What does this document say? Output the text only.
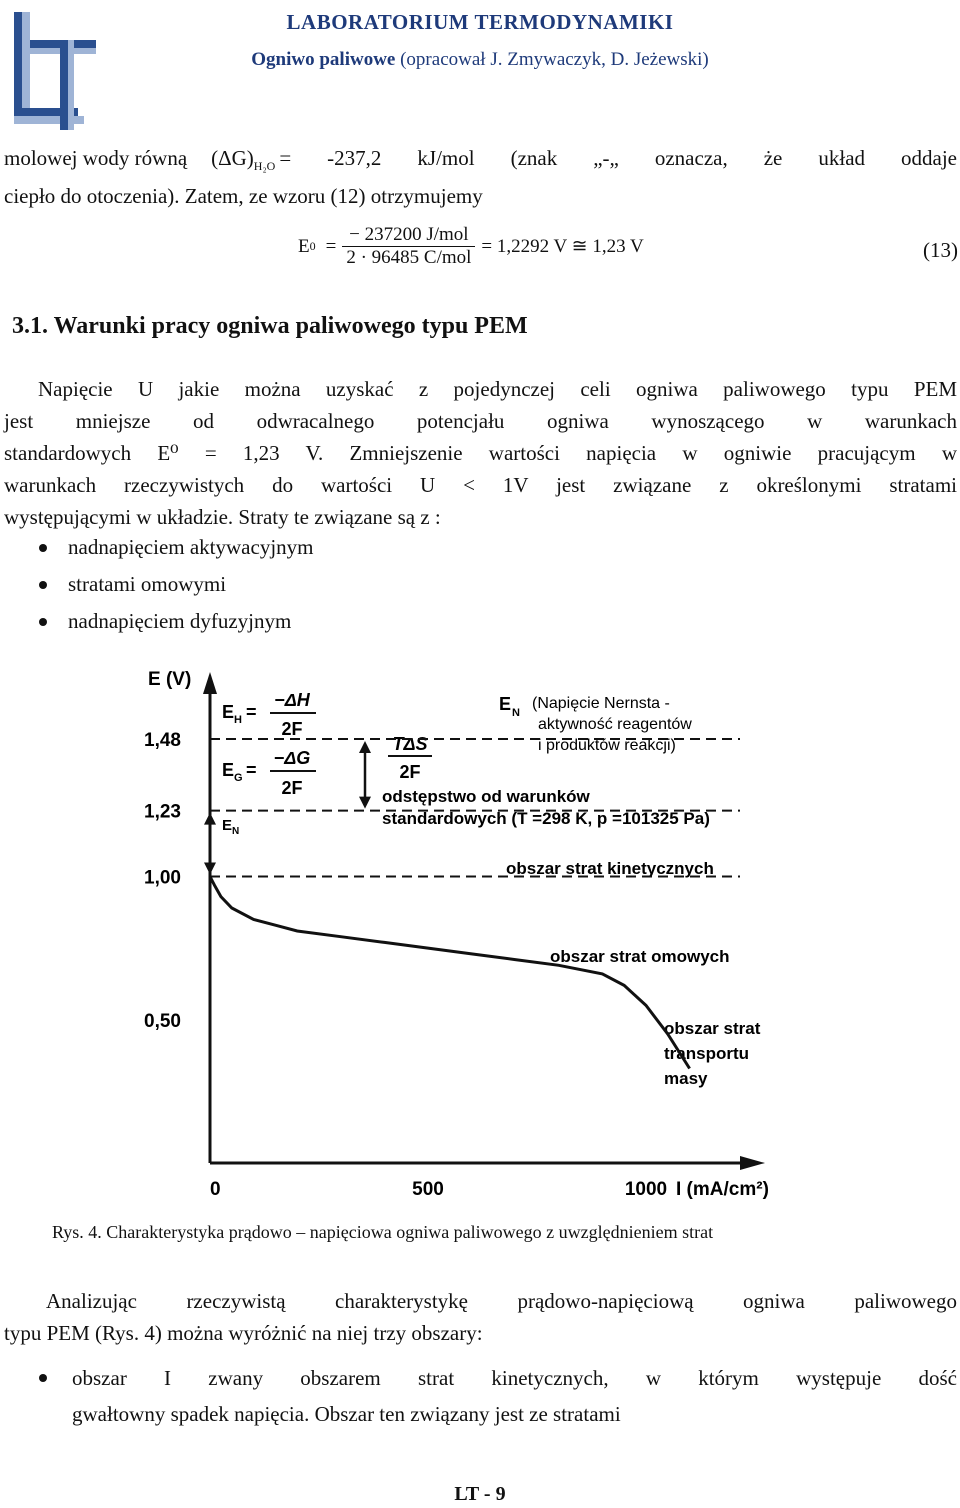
LABORATORIUM TERMODYNAMIKI
Ogniwo paliwowe (opracował J. Zmywaczyk, D. Jeżewski)
molowej wody równą $(\Delta G)_{H_2O} = -237,2$ kJ/mol (znak „-„ oznacza, że układ oddaje
ciepło do otoczenia). Zatem, ze wzoru (12) otrzymujemy
E $0 = \frac{\text{− 237200 J/mol}}{\text{2 · 96485 C/mol}} = 1,2292$ V ≅ 1,23 V	(13)
3.1. Warunki pracy ogniwa paliwowego typu PEM
Napięcie U jakie można uzyskać z pojedynczej celi ogniwa paliwowego typu PEM
jest mniejsze od odwracalnego potencjału ogniwa wynoszącego w warunkach
standardowych E⁰ = 1,23 V. Zmniejszenie wartości napięcia w ogniwie pracującym w
warunkach rzeczywistych do wartości U < 1V jest związane z określonymi stratami
występującymi w układzie. Straty te związane są z :
nadnapięciem aktywacyjnym
stratami omowymi
nadnapięciem dyfuzyjnym
E (V)
I (mA/cm²)
1,48
1,23
1,00
0,50
0	500	1000
E H =
−ΔH
2F
E G =
−ΔG
2F
E N
TΔS
2F
E N
(Napięcie Nernsta -
aktywność reagentów
i produktów reakcji)
odstępstwo od warunków
standardowych (T =298 K, p =101325 Pa)
obszar strat kinetycznych
obszar strat omowych
obszar strat
transportu
masy
Rys. 4. Charakterystyka prądowo – napięciowa ogniwa paliwowego z uwzględnieniem strat
Analizując rzeczywistą charakterystykę prądowo-napięciową ogniwa paliwowego
typu PEM (Rys. 4) można wyróżnić na niej trzy obszary:
obszar I zwany obszarem strat kinetycznych, w którym występuje dość
gwałtowny spadek napięcia. Obszar ten związany jest ze stratami
LT - 9
